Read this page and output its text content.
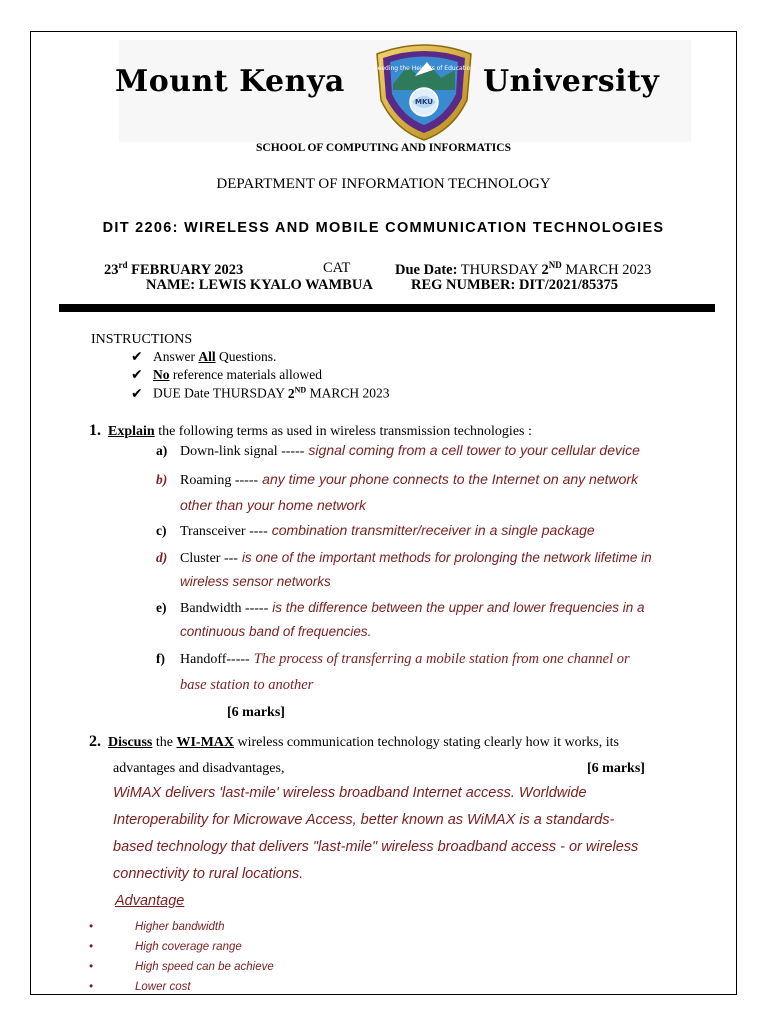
Mount Kenya	University
Seeding the Heights of Education
MKU
SCHOOL OF COMPUTING AND INFORMATICS
DEPARTMENT OF INFORMATION TECHNOLOGY
DIT 2206: WIRELESS AND MOBILE COMMUNICATION TECHNOLOGIES
23rd FEBRUARY 2023	CAT	Due Date: THURSDAY 2ND MARCH 2023
NAME: LEWIS KYALO WAMBUA	REG NUMBER: DIT/2021/85375
INSTRUCTIONS
✔ Answer All Questions.
✔ No reference materials allowed
✔ DUE Date THURSDAY 2ND MARCH 2023
1. Explain the following terms as used in wireless transmission technologies :
a) Down-link signal ----- signal coming from a cell tower to your cellular device
b) Roaming ----- any time your phone connects to the Internet on any network
other than your home network
c) Transceiver ---- combination transmitter/receiver in a single package
d) Cluster --- is one of the important methods for prolonging the network lifetime in
wireless sensor networks
e) Bandwidth ----- is the difference between the upper and lower frequencies in a
continuous band of frequencies.
f) Handoff----- The process of transferring a mobile station from one channel or
base station to another
[6 marks]
2. Discuss the WI-MAX wireless communication technology stating clearly how it works, its
advantages and disadvantages,	[6 marks]
WiMAX delivers 'last-mile' wireless broadband Internet access. Worldwide
Interoperability for Microwave Access, better known as WiMAX is a standards-
based technology that delivers "last-mile" wireless broadband access - or wireless
connectivity to rural locations.
Advantage
•	Higher bandwidth
•	High coverage range
•	High speed can be achieve
•	Lower cost
